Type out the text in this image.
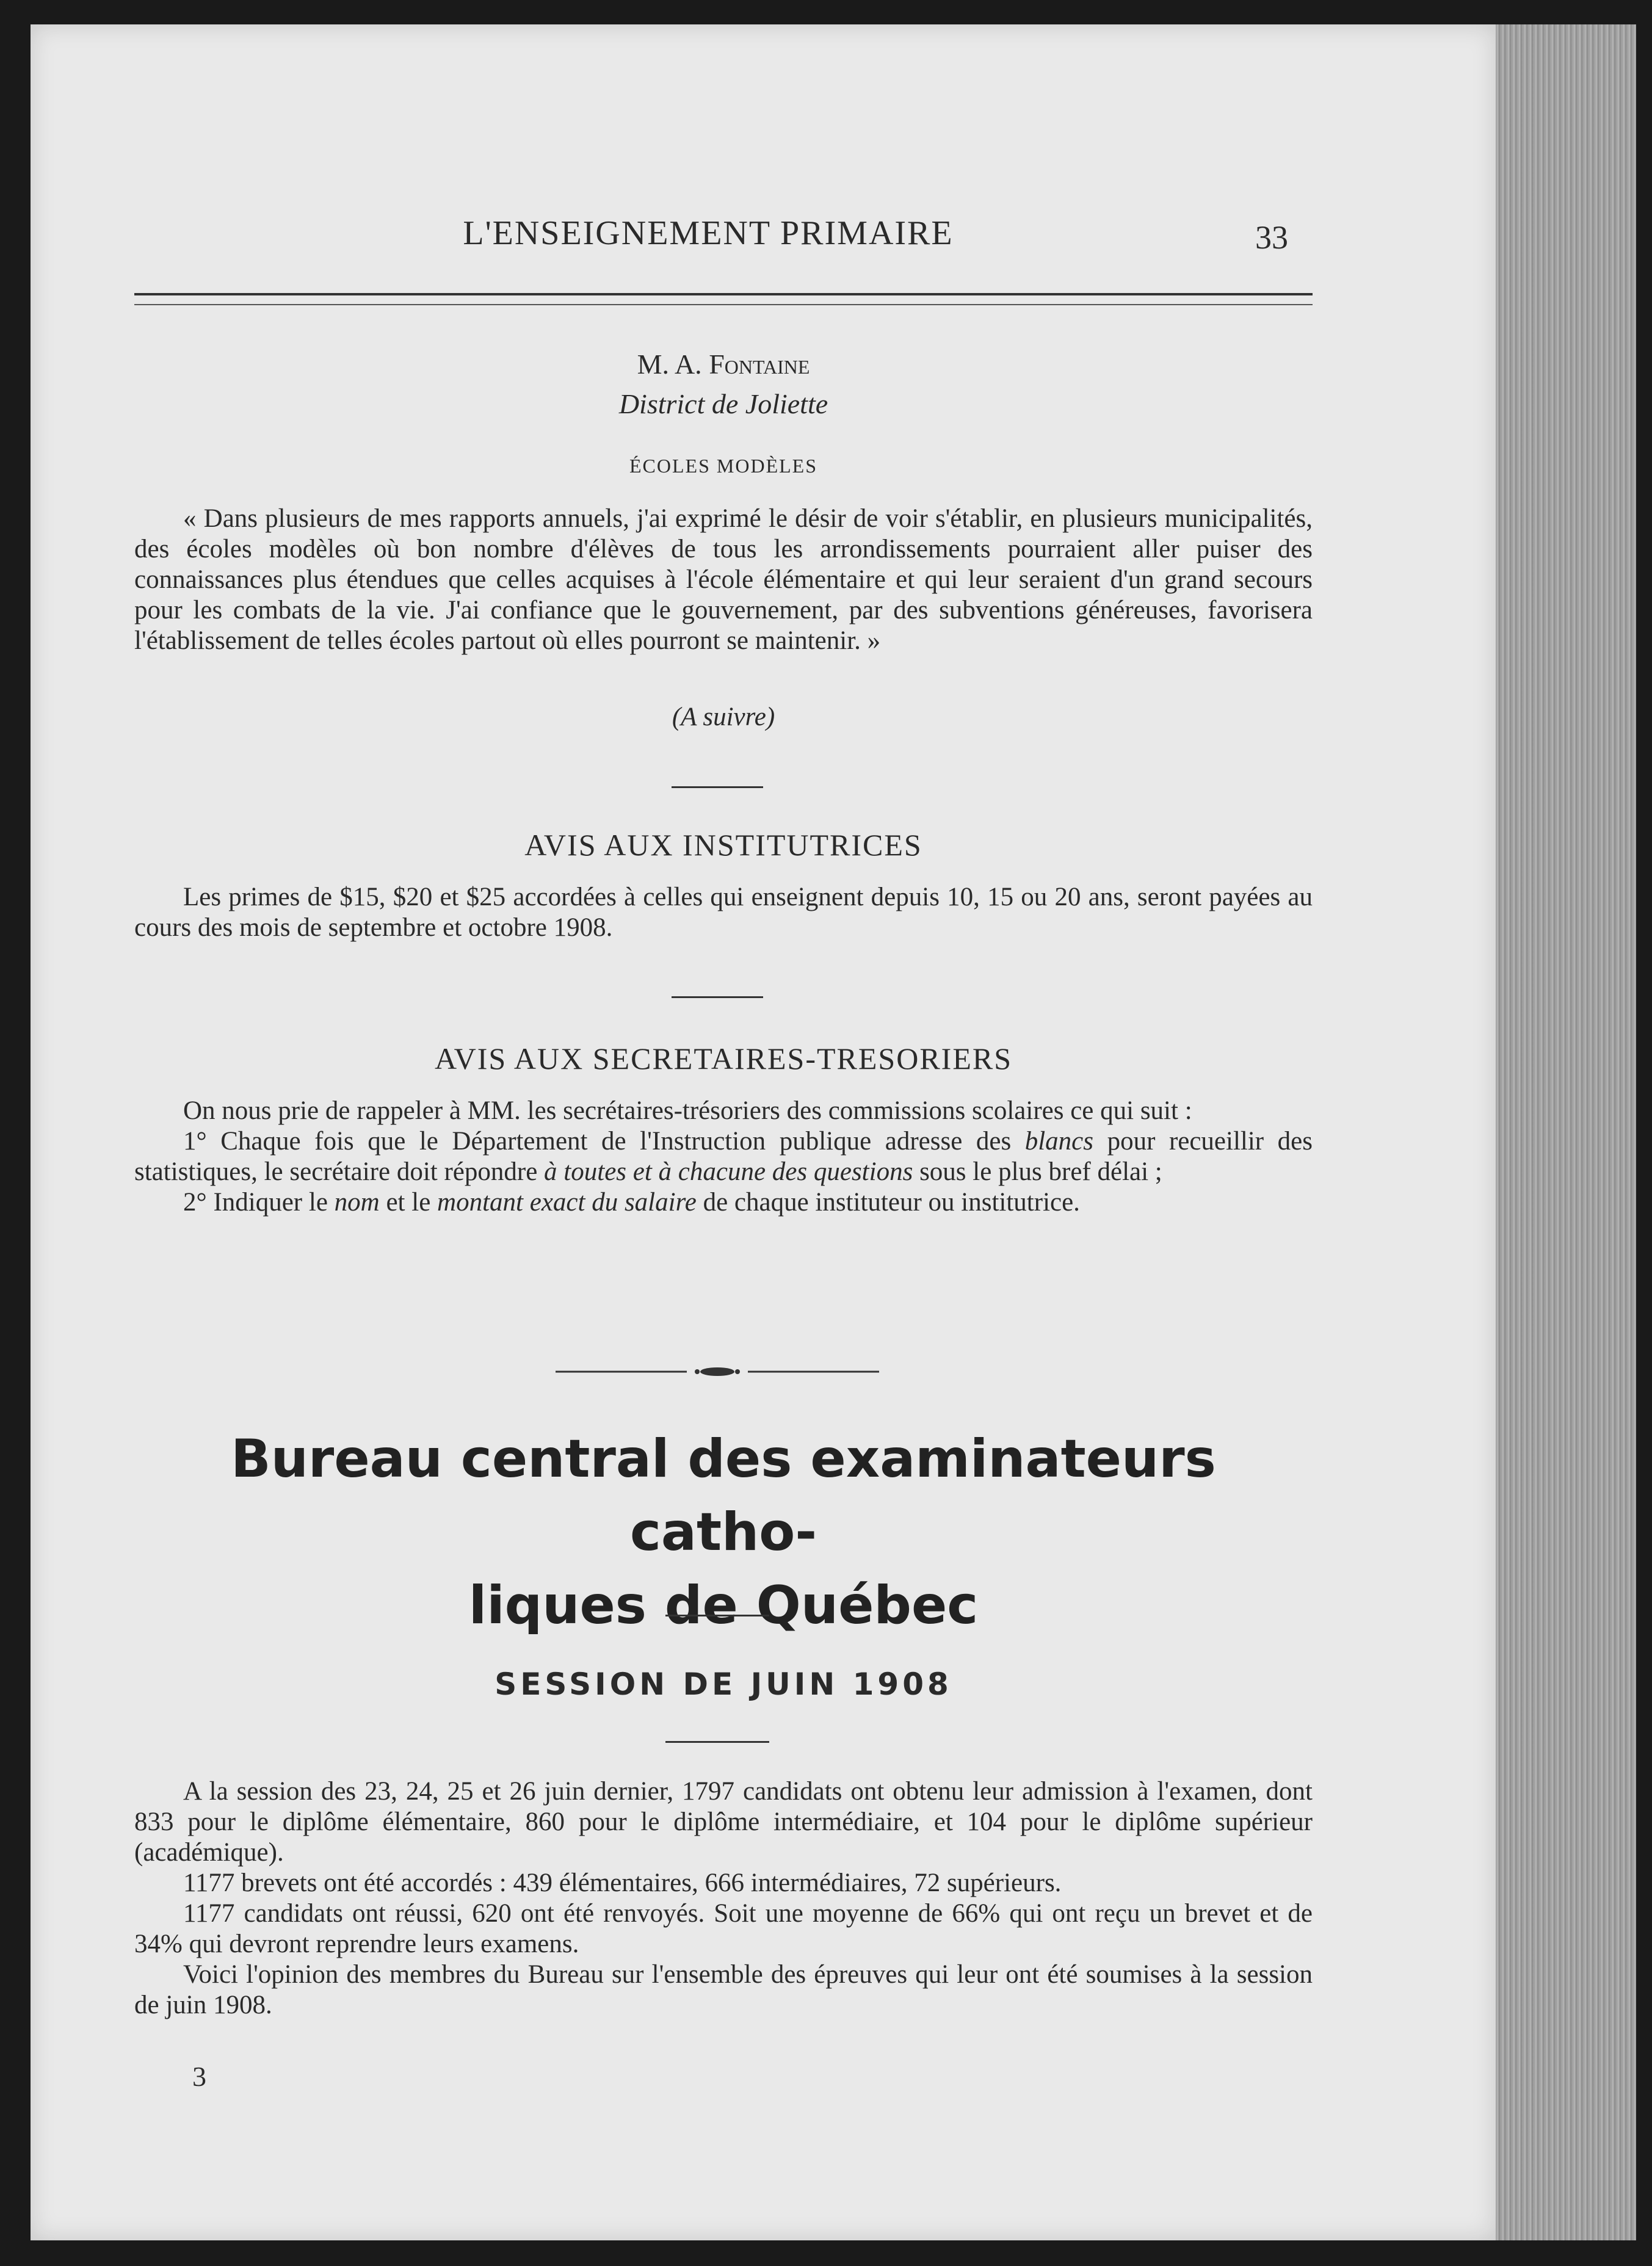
L'ENSEIGNEMENT PRIMAIRE	33
M. A. Fontaine
District de Joliette
ÉCOLES MODÈLES
« Dans plusieurs de mes rapports annuels, j'ai exprimé le désir de voir s'établir, en plusieurs municipalités, des écoles modèles où bon nombre d'élèves de tous les arrondissements pourraient aller puiser des connaissances plus étendues que celles acquises à l'école élémentaire et qui leur seraient d'un grand secours pour les combats de la vie. J'ai confiance que le gouvernement, par des subventions généreuses, favorisera l'établissement de telles écoles partout où elles pourront se maintenir. »
(A suivre)
AVIS AUX INSTITUTRICES
Les primes de $15, $20 et $25 accordées à celles qui enseignent depuis 10, 15 ou 20 ans, seront payées au cours des mois de septembre et octobre 1908.
AVIS AUX SECRETAIRES-TRESORIERS
On nous prie de rappeler à MM. les secrétaires-trésoriers des commissions scolaires ce qui suit :
1° Chaque fois que le Département de l'Instruction publique adresse des blancs pour recueillir des statistiques, le secrétaire doit répondre à toutes et à chacune des questions sous le plus bref délai ;
2° Indiquer le nom et le montant exact du salaire de chaque instituteur ou institutrice.
Bureau central des examinateurs catho-
liques de Québec
SESSION DE JUIN 1908
A la session des 23, 24, 25 et 26 juin dernier, 1797 candidats ont obtenu leur admission à l'examen, dont 833 pour le diplôme élémentaire, 860 pour le diplôme intermédiaire, et 104 pour le diplôme supérieur (académique).
1177 brevets ont été accordés : 439 élémentaires, 666 intermédiaires, 72 supérieurs.
1177 candidats ont réussi, 620 ont été renvoyés. Soit une moyenne de 66% qui ont reçu un brevet et de 34% qui devront reprendre leurs examens.
Voici l'opinion des membres du Bureau sur l'ensemble des épreuves qui leur ont été soumises à la session de juin 1908.
3
